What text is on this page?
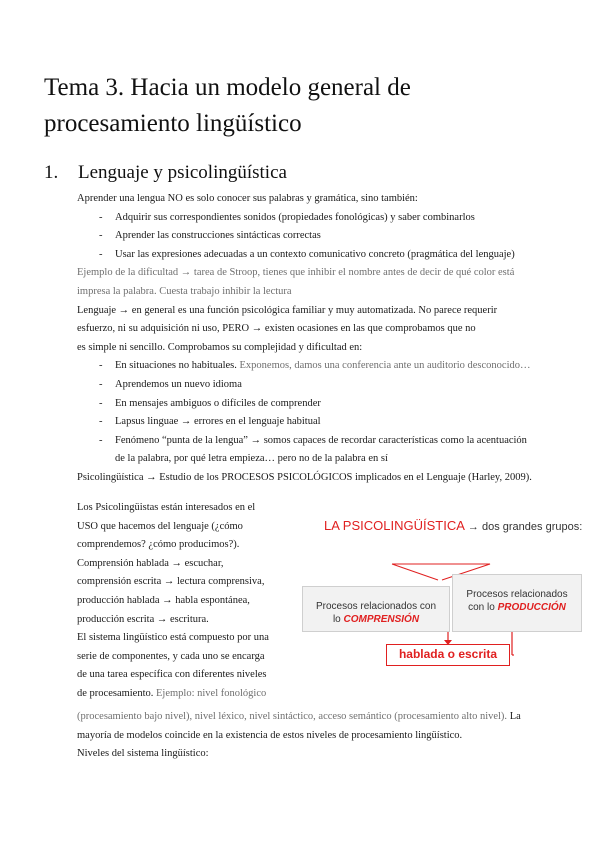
Tema 3. Hacia un modelo general de
procesamiento lingüístico
1. Lenguaje y psicolingüística
Aprender una lengua NO es solo conocer sus palabras y gramática, sino también:
- Adquirir sus correspondientes sonidos (propiedades fonológicas) y saber combinarlos
- Aprender las construcciones sintácticas correctas
- Usar las expresiones adecuadas a un contexto comunicativo concreto (pragmática del lenguaje)
Ejemplo de la dificultad → tarea de Stroop, tienes que inhibir el nombre antes de decir de qué color está
impresa la palabra. Cuesta trabajo inhibir la lectura
Lenguaje → en general es una función psicológica familiar y muy automatizada. No parece requerir
esfuerzo, ni su adquisición ni uso, PERO → existen ocasiones en las que comprobamos que no
es simple ni sencillo. Comprobamos su complejidad y dificultad en:
- En situaciones no habituales. Exponemos, damos una conferencia ante un auditorio desconocido…
- Aprendemos un nuevo idioma
- En mensajes ambiguos o difíciles de comprender
- Lapsus linguae → errores en el lenguaje habitual
- Fenómeno “punta de la lengua” → somos capaces de recordar características como la acentuación
de la palabra, por qué letra empieza… pero no de la palabra en sí
Psicolingüística → Estudio de los PROCESOS PSICOLÓGICOS implicados en el Lenguaje (Harley, 2009).
Los Psicolingüistas están interesados en el
USO que hacemos del lenguaje (¿cómo
comprendemos? ¿cómo producimos?).
Comprensión hablada → escuchar,
comprensión escrita → lectura comprensiva,
producción hablada → habla espontánea,
producción escrita → escritura.
El sistema lingüístico está compuesto por una
serie de componentes, y cada uno se encarga
de una tarea específica con diferentes niveles
de procesamiento. Ejemplo: nivel fonológico
(procesamiento bajo nivel), nivel léxico, nivel sintáctico, acceso semántico (procesamiento alto nivel). La
mayoría de modelos coincide en la existencia de estos niveles de procesamiento lingüístico.
Niveles del sistema lingüístico:
LA PSICOLINGÜÍSTICA → dos grandes grupos:
Procesos relacionados con
lo COMPRENSIÓN
Procesos relacionados
con lo PRODUCCIÓN
hablada o escrita
